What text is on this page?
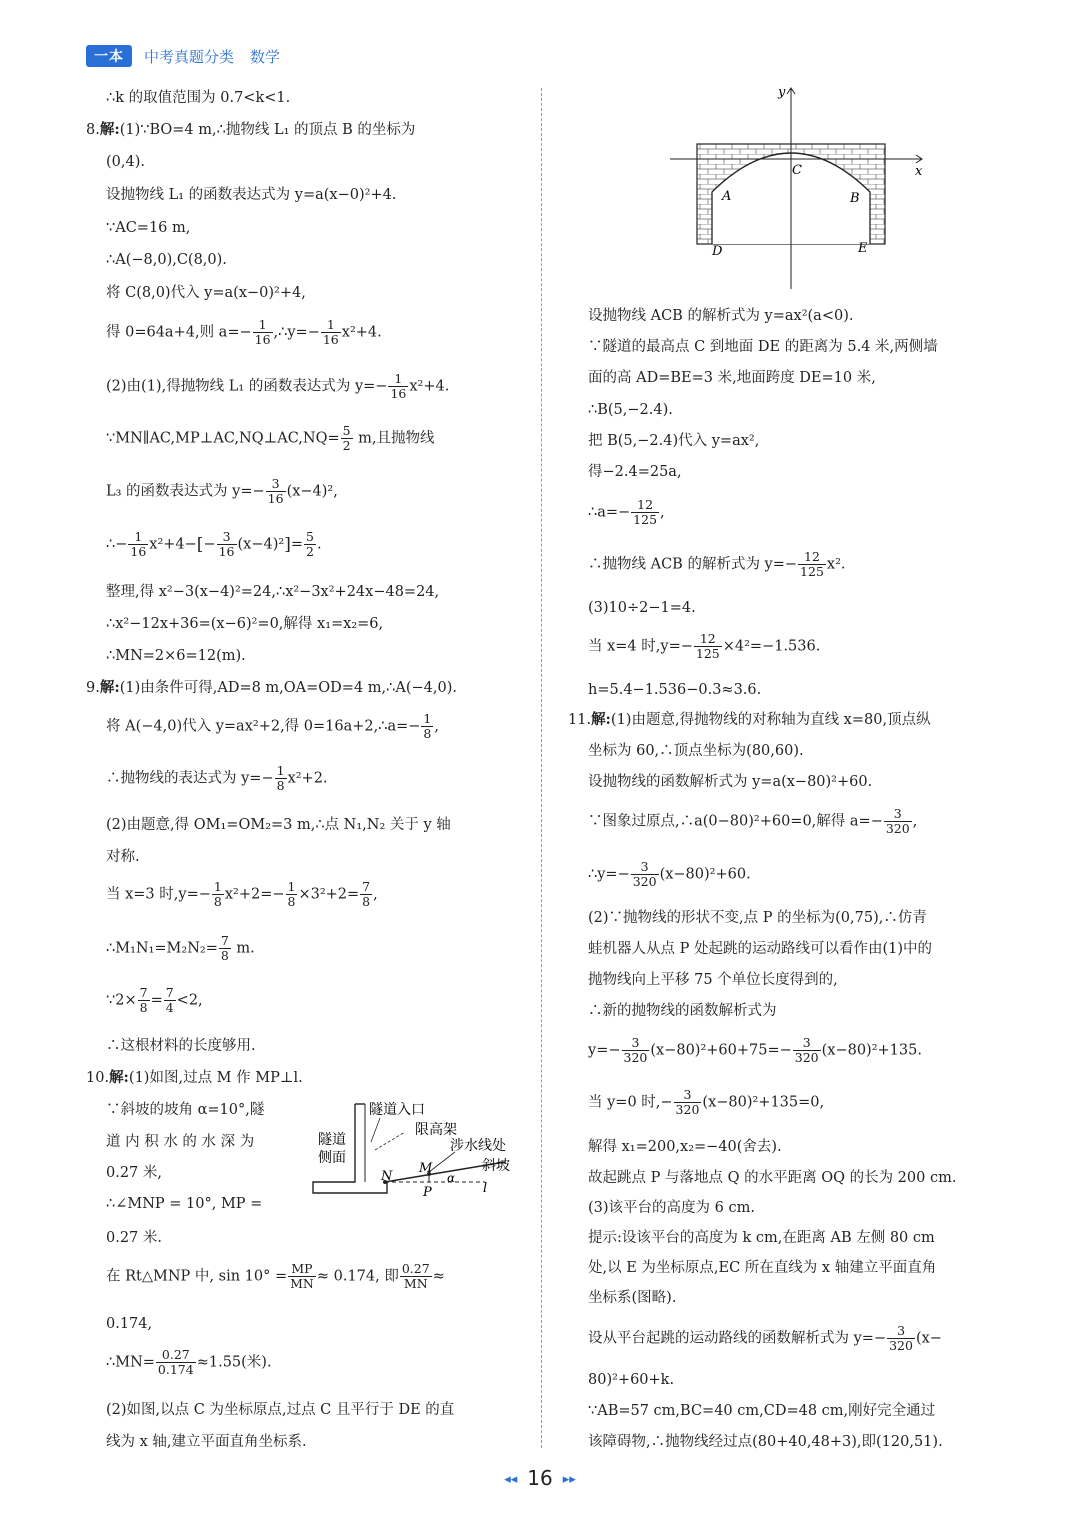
一本	中考真题分类 数学
∴k 的取值范围为 0.7<k<1.
8.解:(1)∵BO=4 m,∴抛物线 L₁ 的顶点 B 的坐标为
(0,4).
设抛物线 L₁ 的函数表达式为 y=a(x−0)²+4.
∵AC=16 m,
∴A(−8,0),C(8,0).
将 C(8,0)代入 y=a(x−0)²+4,
得 0=64a+4,则 $a=- \frac{1}{16}$ ,∴y=− $\frac{1}{16} x^2+4$.
(2)由(1),得抛物线 L₁ 的函数表达式为 $y=- \frac{1}{16} x^2+4$.
∵MN∥AC,MP⊥AC,NQ⊥AC,NQ= $\frac{5}{2} m$,且抛物线
L₃ 的函数表达式为 $y=- \frac{3}{16} (x-4)^2$,
∴− $\frac{1}{16} x^2+4-[- \frac{3}{16} (x-4)^2]= \frac{5}{2}$ .
整理,得 x²−3(x−4)²=24,∴x²−3x²+24x−48=24,
∴x²−12x+36=(x−6)²=0,解得 x₁=x₂=6,
∴MN=2×6=12(m).
9.解:(1)由条件可得,AD=8 m,OA=OD=4 m,∴A(−4,0).
将 A(−4,0)代入 y=ax²+2,得 0=16a+2,∴a=− $\frac{1}{8}$ ,
∴抛物线的表达式为 $y=- \frac{1}{8} x^2+2$.
(2)由题意,得 OM₁=OM₂=3 m,∴点 N₁,N₂ 关于 y 轴
对称.
当 x=3 时$,y=- \frac{1}{8} x^2+2=- \frac{1}{8} \times 3^2+2= \frac{7}{8}$ ,
∴M₁N₁=M₂N₂= $\frac{7}{8} m$.
∵2× $\frac{7}{8} = \frac{7}{4} <2$,
∴这根材料的长度够用.
10.解:(1)如图,过点 M 作 MP⊥l.
∵斜坡的坡角 α=10°,隧
道 内 积 水 的 水 深 为
0.27 米,
∴∠MNP = 10°, MP =
0.27 米.
在 Rt△MNP 中, $\sin 10^\circ = \frac{MP}{MN} \approx 0.174$, 即 $\frac{0.27}{MN}$ ≈
0.174,
∴MN= $\frac{0.27}{0.174} \approx 1.55$(米).
(2)如图,以点 C 为坐标原点,过点 C 且平行于 DE 的直
线为 x 轴,建立平面直角坐标系.
隧道入口
限高架
涉水线处
斜坡
隧道
侧面
N
M
P
α
l
y
x
C
A	B
D	E
设抛物线 ACB 的解析式为 y=ax²(a<0).
∵隧道的最高点 C 到地面 DE 的距离为 5.4 米,两侧墙
面的高 AD=BE=3 米,地面跨度 DE=10 米,
∴B(5,−2.4).
把 B(5,−2.4)代入 y=ax²,
得−2.4=25a,
∴a=− $\frac{12}{125}$ ,
∴抛物线 ACB 的解析式为 $y=- \frac{12}{125} x^2$.
(3)10÷2−1=4.
当 x=4 时$,y=- \frac{12}{125} \times 4^2=-1.536$.
h=5.4−1.536−0.3≈3.6.
11.解:(1)由题意,得抛物线的对称轴为直线 x=80,顶点纵
坐标为 60,∴顶点坐标为(80,60).
设抛物线的函数解析式为 y=a(x−80)²+60.
∵图象过原点,∴a(0−80)²+60=0,解得 $a=- \frac{3}{320}$ ,
∴y=− $\frac{3}{320} (x-80)^2+60$.
(2)∵抛物线的形状不变,点 P 的坐标为(0,75),∴仿青
蛙机器人从点 P 处起跳的运动路线可以看作由(1)中的
抛物线向上平移 75 个单位长度得到的,
∴新的抛物线的函数解析式为
$y=- \frac{3}{320} (x-80)^2+60+75=- \frac{3}{320} (x-80)^2+135$.
当 y=0 时,− $\frac{3}{320} (x-80)^2+135=0$,
解得 x₁=200,x₂=−40(舍去).
故起跳点 P 与落地点 Q 的水平距离 OQ 的长为 200 cm.
(3)该平台的高度为 6 cm.
提示:设该平台的高度为 k cm,在距离 AB 左侧 80 cm
处,以 E 为坐标原点,EC 所在直线为 x 轴建立平面直角
坐标系(图略).
设从平台起跳的运动路线的函数解析式为 $y=- \frac{3}{320} (x-$
80)²+60+k.
∵AB=57 cm,BC=40 cm,CD=48 cm,刚好完全通过
该障碍物,∴抛物线经过点(80+40,48+3),即(120,51).
◂◂ 16 ▸▸
